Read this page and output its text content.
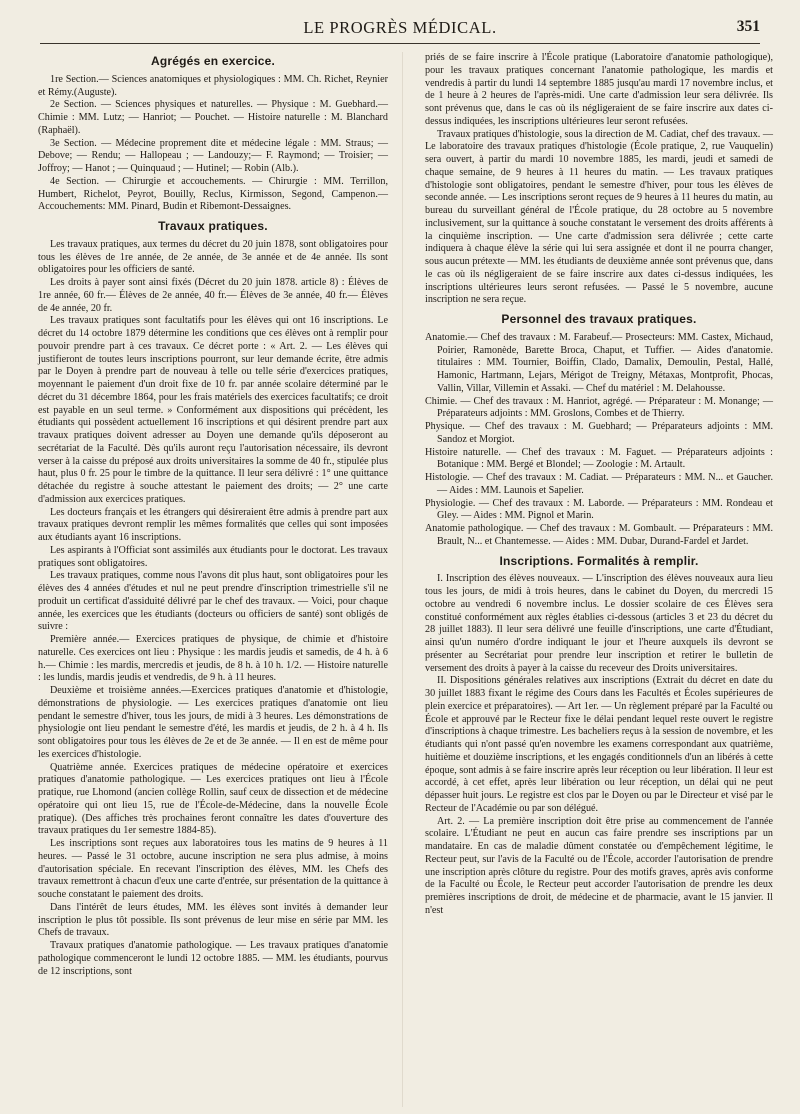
LE PROGRÈS MÉDICAL.	351
Agrégés en exercice.

1re Section.— Sciences anatomiques et physiologiques : MM. Ch. Richet, Reynier et Rémy.(Auguste).

2e Section. — Sciences physiques et naturelles. — Physique : M. Guebhard.— Chimie : MM. Lutz; — Hanriot; — Pouchet. — Histoire naturelle : M. Blanchard (Raphaël).

3e Section. — Médecine proprement dite et médecine légale : MM. Straus; — Debove; — Rendu; — Hallopeau ; — Landouzy;— F. Raymond; — Troisier; — Joffroy; — Hanot ; — Quinquaud ; — Hutinel; — Robin (Alb.).

4e Section. — Chirurgie et accouchements. — Chirurgie : MM. Terrillon, Humbert, Richelot, Peyrot, Bouilly, Reclus, Kirmisson, Segond, Campenon.—Accouchements: MM. Pinard, Budin et Ribemont-Dessaignes.

Travaux pratiques.

Les travaux pratiques, aux termes du décret du 20 juin 1878, sont obligatoires pour tous les élèves de 1re année, de 2e année, de 3e année et de 4e année. Ils sont obligatoires pour les officiers de santé.

Les droits à payer sont ainsi fixés (Décret du 20 juin 1878. article 8) : Élèves de 1re année, 60 fr.— Élèves de 2e année, 40 fr.— Élèves de 3e année, 40 fr.— Élèves de 4e année, 20 fr.

Les travaux pratiques sont facultatifs pour les élèves qui ont 16 inscriptions. Le décret du 14 octobre 1879 détermine les conditions que ces élèves ont à remplir pour pouvoir prendre part à ces travaux. Ce décret porte : « Art. 2. — Les élèves qui justifieront de toutes leurs inscriptions pourront, sur leur demande écrite, être admis par le Doyen à prendre part de nouveau à telle ou telle série d'exercices pratiques, moyennant le paiement d'un droit fixe de 10 fr. par année scolaire déterminé par le décret du 31 décembre 1864, pour les frais matériels des exercices facultatifs; ce droit est payable en un seul terme. » Conformément aux dispositions qui précèdent, les étudiants qui possèdent actuellement 16 inscriptions et qui désirent prendre part aux travaux pratiques doivent adresser au Doyen une demande qu'ils déposeront au secrétariat de la Faculté. Dès qu'ils auront reçu l'autorisation nécessaire, ils devront verser à la caisse du préposé aux droits universitaires la somme de 40 fr., stipulée plus haut, plus 0 fr. 25 pour le timbre de la quittance. Il leur sera délivré : 1° une quittance détachée du registre à souche attestant le paiement des droits; — 2° une carte d'admission aux exercices pratiques.

Les docteurs français et les étrangers qui désireraient être admis à prendre part aux travaux pratiques devront remplir les mêmes formalités que celles qui sont imposées aux étudiants ayant 16 inscriptions.

Les aspirants à l'Officiat sont assimilés aux étudiants pour le doctorat. Les travaux pratiques sont obligatoires.

Les travaux pratiques, comme nous l'avons dit plus haut, sont obligatoires pour les élèves des 4 années d'études et nul ne peut prendre d'inscription trimestrielle s'il ne produit un certificat d'assiduité délivré par le chef des travaux. — Voici, pour chaque année, les exercices que les étudiants (docteurs ou officiers de santé) sont obligés de suivre :

Première année.— Exercices pratiques de physique, de chimie et d'histoire naturelle. Ces exercices ont lieu : Physique : les mardis jeudis et samedis, de 4 h. à 6 h.— Chimie : les mardis, mercredis et jeudis, de 8 h. à 10 h. 1/2. — Histoire naturelle : les lundis, mardis jeudis et vendredis, de 9 h. à 11 heures.

Deuxième et troisième années.—Exercices pratiques d'anatomie et d'histologie, démonstrations de physiologie. — Les exercices pratiques d'anatomie ont lieu pendant le semestre d'hiver, tous les jours, de midi à 3 heures. Les démonstrations de physiologie ont lieu pendant le semestre d'été, les mardis et jeudis, de 2 h. à 4 h. Ils sont obligatoires pour tous les élèves de 2e et de 3e année. — Il en est de même pour les exercices d'histologie.

Quatrième année. Exercices pratiques de médecine opératoire et exercices pratiques d'anatomie pathologique. — Les exercices pratiques ont lieu à l'École pratique, rue Lhomond (ancien collège Rollin, sauf ceux de dissection et de médecine opératoire qui ont lieu 15, rue de l'École-de-Médecine, dans la nouvelle École pratique). (Des affiches très prochaines feront connaître les dates d'ouverture des travaux pratiques du 1er semestre 1884-85).

Les inscriptions sont reçues aux laboratoires tous les matins de 9 heures à 11 heures. — Passé le 31 octobre, aucune inscription ne sera plus admise, à moins d'autorisation spéciale. En recevant l'inscription des élèves, MM. les Chefs des travaux remettront à chacun d'eux une carte d'entrée, sur présentation de la quittance à souche constatant le paiement des droits.

Dans l'intérêt de leurs études, MM. les élèves sont invités à demander leur inscription le plus tôt possible. Ils sont prévenus de leur mise en série par MM. les Chefs de travaux.

Travaux pratiques d'anatomie pathologique. — Les travaux pratiques d'anatomie pathologique commenceront le lundi 12 octobre 1885. — MM. les étudiants, pourvus de 12 inscriptions, sont

priés de se faire inscrire à l'École pratique (Laboratoire d'anatomie pathologique), pour les travaux pratiques concernant l'anatomie pathologique, les mardis et vendredis à partir du lundi 14 septembre 1885 jusqu'au mardi 17 novembre inclus, et de 1 heure à 2 heures de l'après-midi. Une carte d'admission leur sera délivrée. Ils sont prévenus que, dans le cas où ils négligeraient de se faire inscrire aux dates ci-dessus indiquées, les inscriptions ultérieures leur seront refusées.

Travaux pratiques d'histologie, sous la direction de M. Cadiat, chef des travaux. — Le laboratoire des travaux pratiques d'histologie (École pratique, 2, rue Vauquelin) sera ouvert, à partir du mardi 10 novembre 1885, les mardi, jeudi et samedi de chaque semaine, de 9 heures à 11 heures du matin. — Les travaux pratiques d'histologie sont obligatoires, pendant le semestre d'hiver, pour tous les élèves de seconde année. — Les inscriptions seront reçues de 9 heures à 11 heures du matin, au bureau du surveillant général de l'École pratique, du 28 octobre au 5 novembre inclusivement, sur la quittance à souche constatant le versement des droits afférents à la cinquième inscription. — Une carte d'admission sera délivrée ; cette carte indiquera à chaque élève la série qui lui sera assignée et dont il ne pourra changer, sous aucun prétexte — MM. les étudiants de deuxième année sont prévenus que, dans le cas où ils négligeraient de se faire inscrire aux dates ci-dessus indiquées, les inscriptions ultérieures leurs seront refusées. — Passé le 5 novembre, aucune inscription ne sera reçue.

Personnel des travaux pratiques.

Anatomie.— Chef des travaux : M. Farabeuf.— Prosecteurs: MM. Castex, Michaud, Poirier, Ramonède, Barette Broca, Chaput, et Tuffier. — Aides d'anatomie. titulaires : MM. Tournier, Boiffin, Clado, Damalix, Demoulin, Pestal, Hallé, Hamonic, Hartmann, Lejars, Mérigot de Treigny, Métaxas, Montprofit, Phocas, Vallin, Villar, Villemin et Assaki. — Chef du matériel : M. Delahousse.

Chimie. — Chef des travaux : M. Hanriot, agrégé. — Préparateur : M. Monange; — Préparateurs adjoints : MM. Groslons, Combes et de Thierry.

Physique. — Chef des travaux : M. Guebhard; — Préparateurs adjoints : MM. Sandoz et Morgiot.

Histoire naturelle. — Chef des travaux : M. Faguet. — Préparateurs adjoints : Botanique : MM. Bergé et Blondel; — Zoologie : M. Artault.

Histologie. — Chef des travaux : M. Cadiat. — Préparateurs : MM. N... et Gaucher. — Aides : MM. Launois et Sapelier.

Physiologie. — Chef des travaux : M. Laborde. — Préparateurs : MM. Rondeau et Gley. — Aides : MM. Pignol et Marin.

Anatomie pathologique. — Chef des travaux : M. Gombault. — Préparateurs : MM. Brault, N... et Chantemesse. — Aides : MM. Dubar, Durand-Fardel et Jardet.

Inscriptions. Formalités à remplir.

I. Inscription des élèves nouveaux. — L'inscription des élèves nouveaux aura lieu tous les jours, de midi à trois heures, dans le cabinet du Doyen, du mercredi 15 octobre au vendredi 6 novembre inclus. Le dossier scolaire de ces Élèves sera constitué conformément aux règles établies ci-dessous (articles 3 et 23 du décret du 28 juillet 1883). Il leur sera délivré une feuille d'inscriptions, une carte d'Étudiant, ainsi qu'un numéro d'ordre indiquant le jour et l'heure auxquels ils devront se présenter au Secrétariat pour prendre leur inscription et retirer le bulletin de versement des droits à payer à la caisse du receveur des Droits universitaires.

II. Dispositions générales relatives aux inscriptions (Extrait du décret en date du 30 juillet 1883 fixant le régime des Cours dans les Facultés et Écoles supérieures de plein exercice et préparatoires). — Art 1er. — Un règlement préparé par la Faculté ou École et approuvé par le Recteur fixe le délai pendant lequel reste ouvert le registre d'inscriptions à chaque trimestre. Les bacheliers reçus à la session de novembre, et les étudiants qui n'ont passé qu'en novembre les examens correspondant aux quatrième, huitième et douzième inscriptions, et les engagés conditionnels d'un an libérés à cette époque, sont admis à se faire inscrire après leur réception ou leur libération. Il leur est accordé, à cet effet, après leur libération ou leur réception, un délai qui ne peut dépasser huit jours. Le registre est clos par le Doyen ou par le Directeur et visé par le Recteur de l'Académie ou par son délégué.

Art. 2. — La première inscription doit être prise au commencement de l'année scolaire. L'Étudiant ne peut en aucun cas faire prendre ses inscriptions par un mandataire. En cas de maladie dûment constatée ou d'empêchement légitime, le Recteur peut, sur l'avis de la Faculté ou de l'École, accorder l'autorisation de prendre une inscription après clôture du registre. Pour des motifs graves, après avis conforme de la Faculté ou École, le Recteur peut accorder l'autorisation de prendre les deux premières inscriptions de droit, de médecine et de pharmacie, avant le 15 janvier. Il n'est
